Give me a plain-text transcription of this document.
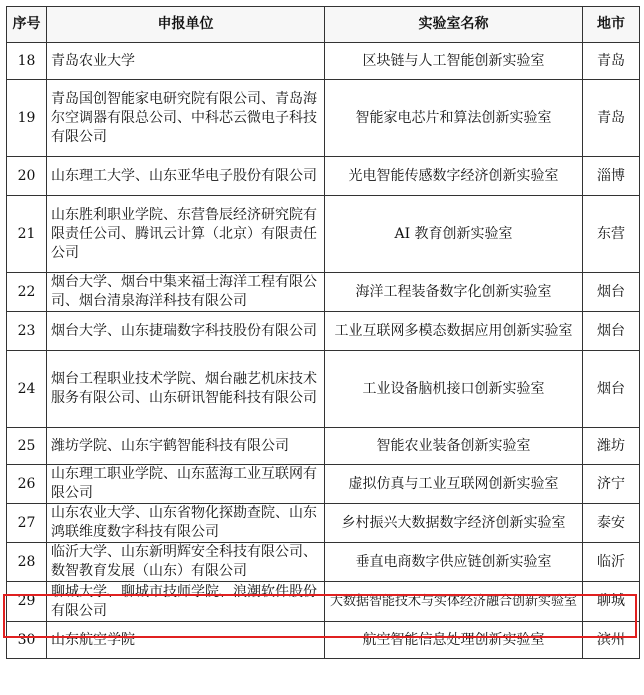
序号	申报单位	实验室名称	地市
18	青岛农业大学	区块链与人工智能创新实验室	青岛
19	青岛国创智能家电研究院有限公司、青岛海尔空调器有限总公司、中科芯云微电子科技有限公司	智能家电芯片和算法创新实验室	青岛
20	山东理工大学、山东亚华电子股份有限公司	光电智能传感数字经济创新实验室	淄博
21	山东胜利职业学院、东营鲁辰经济研究院有限责任公司、腾讯云计算（北京）有限责任公司	AI 教育创新实验室	东营
22	烟台大学、烟台中集来福士海洋工程有限公司、烟台清泉海洋科技有限公司	海洋工程装备数字化创新实验室	烟台
23	烟台大学、山东捷瑞数字科技股份有限公司	工业互联网多模态数据应用创新实验室	烟台
24	烟台工程职业技术学院、烟台融艺机床技术服务有限公司、山东研讯智能科技有限公司	工业设备脑机接口创新实验室	烟台
25	潍坊学院、山东宇鹤智能科技有限公司	智能农业装备创新实验室	潍坊
26	山东理工职业学院、山东蓝海工业互联网有限公司	虚拟仿真与工业互联网创新实验室	济宁
27	山东农业大学、山东省物化探勘查院、山东鸿联维度数字科技有限公司	乡村振兴大数据数字经济创新实验室	泰安
28	临沂大学、山东新明辉安全科技有限公司、数智教育发展（山东）有限公司	垂直电商数字供应链创新实验室	临沂
29	聊城大学、聊城市技师学院、浪潮软件股份有限公司	大数据智能技术与实体经济融合创新实验室	聊城
30	山东航空学院	航空智能信息处理创新实验室	滨州
